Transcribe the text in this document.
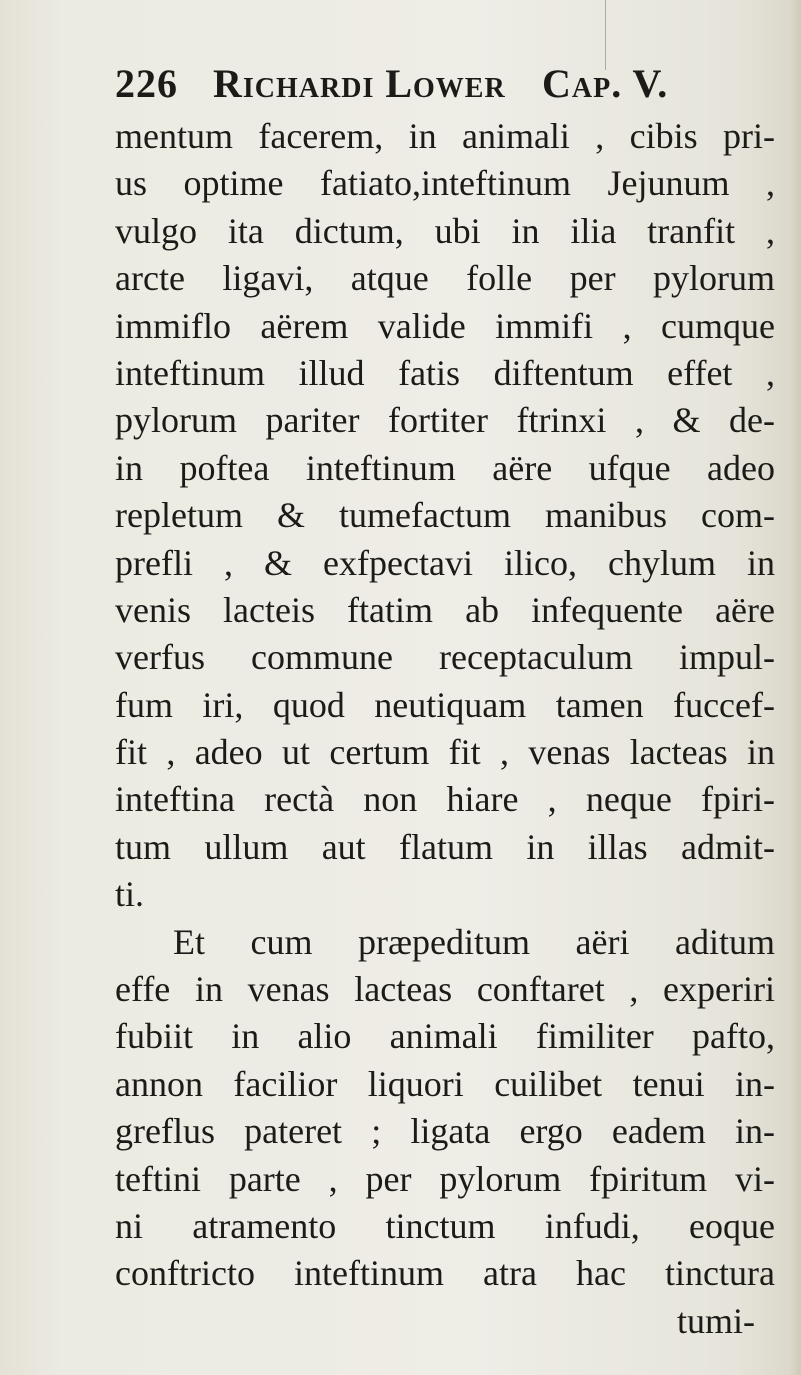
226 Richardi Lower Cap. V.
mentum facerem, in animali , cibis pri-
us optime fatiato,inteftinum Jejunum ,
vulgo ita dictum, ubi in ilia tranfit ,
arcte ligavi, atque folle per pylorum
immiflo aërem valide immifi , cumque
inteftinum illud fatis diftentum effet ,
pylorum pariter fortiter ftrinxi , & de-
in poftea inteftinum aëre ufque adeo
repletum & tumefactum manibus com-
prefli , & exfpectavi ilico, chylum in
venis lacteis ftatim ab infequente aëre
verfus commune receptaculum impul-
fum iri, quod neutiquam tamen fuccef-
fit , adeo ut certum fit , venas lacteas in
inteftina rectà non hiare , neque fpiri-
tum ullum aut flatum in illas admit-
ti.
Et cum præpeditum aëri aditum
effe in venas lacteas conftaret , experiri
fubiit in alio animali fimiliter pafto,
annon facilior liquori cuilibet tenui in-
greflus pateret ; ligata ergo eadem in-
teftini parte , per pylorum fpiritum vi-
ni atramento tinctum infudi, eoque
conftricto inteftinum atra hac tinctura
tumi-
